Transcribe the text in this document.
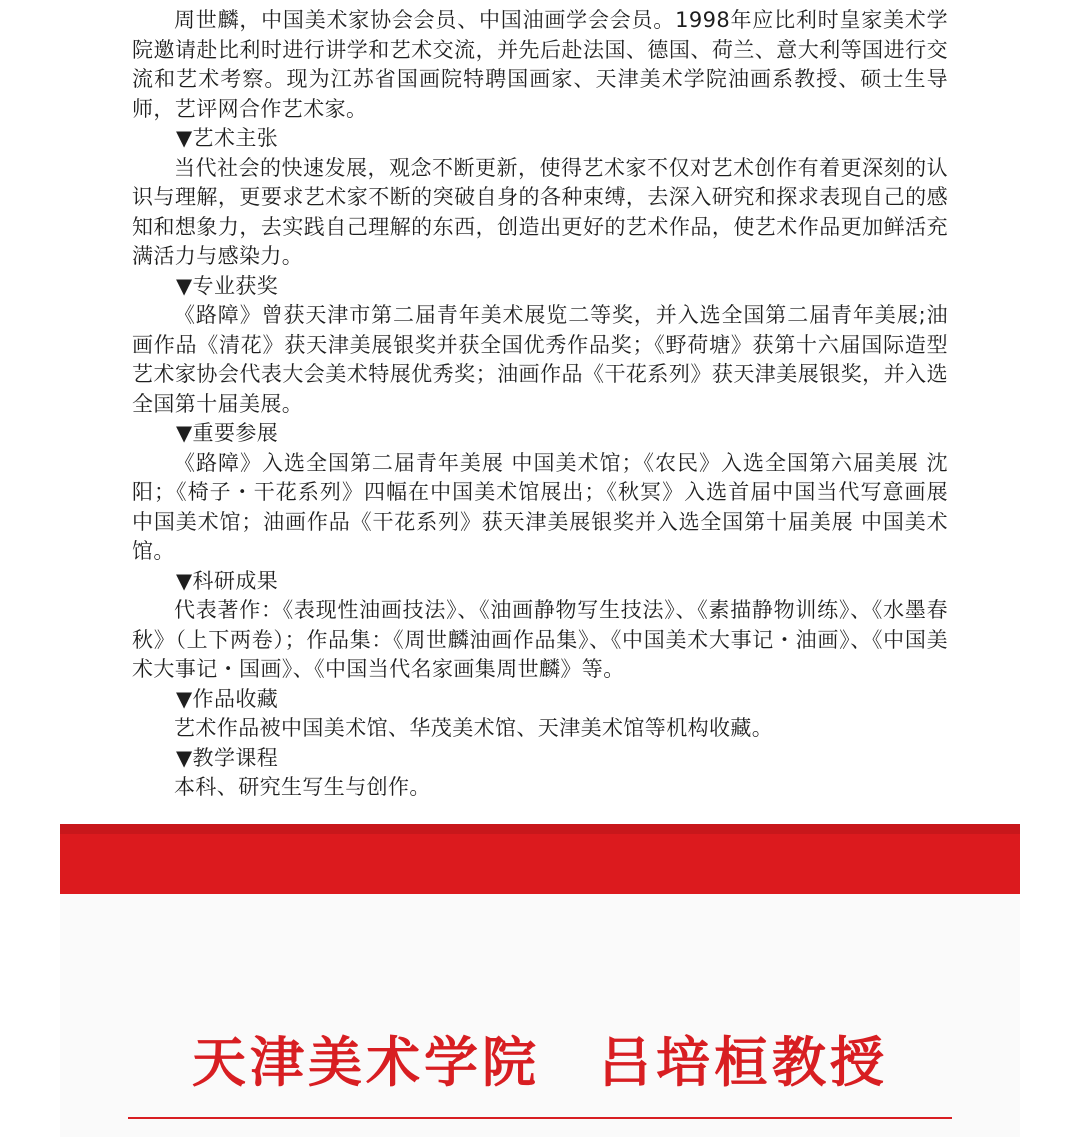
周世麟，中国美术家协会会员、中国油画学会会员。1998年应比利时皇家美术学院邀请赴比利时进行讲学和艺术交流，并先后赴法国、德国、荷兰、意大利等国进行交流和艺术考察。现为江苏省国画院特聘国画家、天津美术学院油画系教授、硕士生导师，艺评网合作艺术家。

▼艺术主张

当代社会的快速发展，观念不断更新，使得艺术家不仅对艺术创作有着更深刻的认识与理解，更要求艺术家不断的突破自身的各种束缚，去深入研究和探求表现自己的感知和想象力，去实践自己理解的东西，创造出更好的艺术作品，使艺术作品更加鲜活充满活力与感染力。

▼专业获奖

《路障》曾获天津市第二届青年美术展览二等奖，并入选全国第二届青年美展;油画作品《清花》获天津美展银奖并获全国优秀作品奖；《野荷塘》获第十六届国际造型艺术家协会代表大会美术特展优秀奖；油画作品《干花系列》获天津美展银奖，并入选全国第十届美展。

▼重要参展

《路障》入选全国第二届青年美展 中国美术馆；《农民》入选全国第六届美展 沈阳；《椅子・干花系列》四幅在中国美术馆展出；《秋冥》入选首届中国当代写意画展 中国美术馆；油画作品《干花系列》获天津美展银奖并入选全国第十届美展 中国美术馆。

▼科研成果

代表著作：《表现性油画技法》、《油画静物写生技法》、《素描静物训练》、《水墨春秋》（上下两卷）；作品集：《周世麟油画作品集》、《中国美术大事记・油画》、《中国美术大事记・国画》、《中国当代名家画集周世麟》等。

▼作品收藏

艺术作品被中国美术馆、华茂美术馆、天津美术馆等机构收藏。

▼教学课程

本科、研究生写生与创作。

天津美术学院　吕培桓教授
